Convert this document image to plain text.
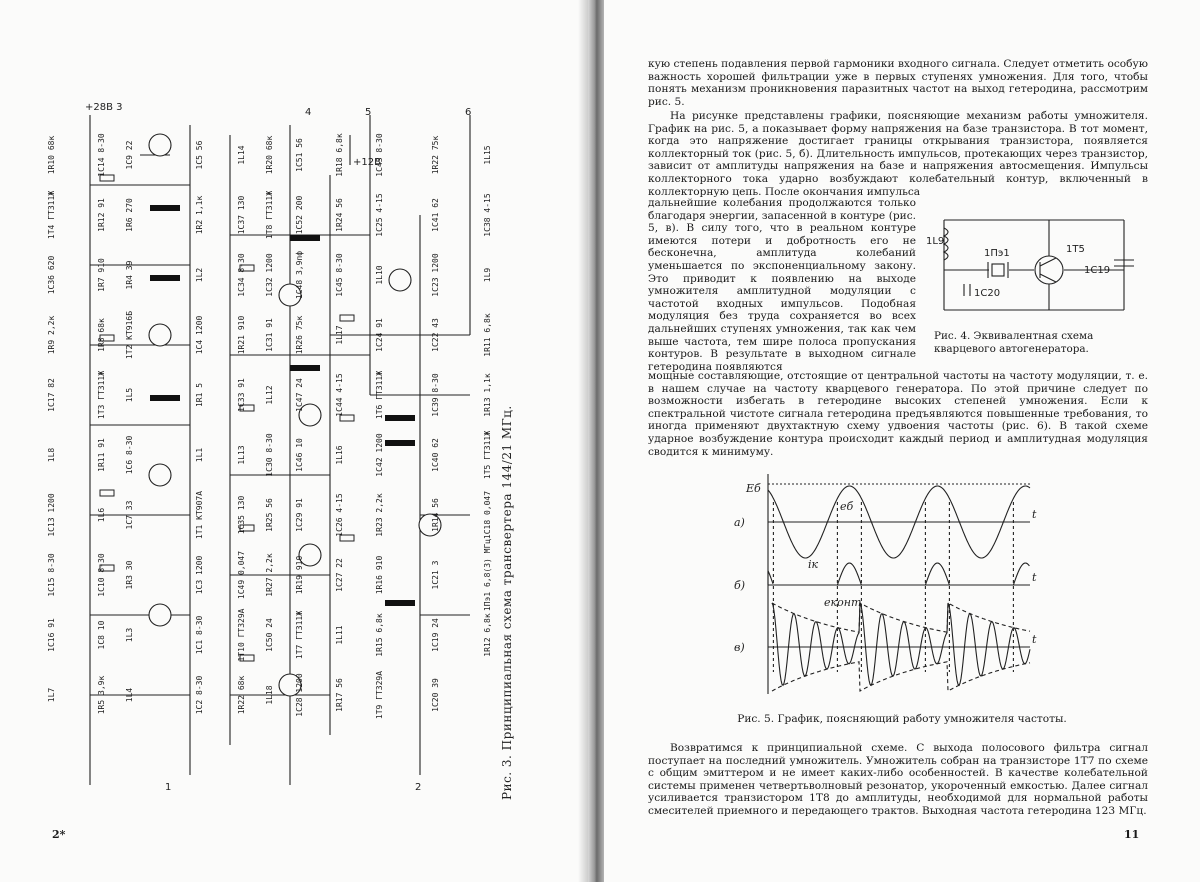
+28В 3	4	5	6
+12В
1	2
1R10 68к
1T4 ГТ311Ж
1C36 620
1R9 2,2к
1C17 82
1L8
1C13 1200
1C15 8-30
1C16 91
1L7
1C14 8-30
1R12 91
1R7 910
1R8 68к
1T3 ГТ311Ж
1R11 91
1L6
1C10 8-30
1C8 10
1R5 3,9к
1C9 22
1R6 270
1R4 39
1T2 КТ916Б
1L5
1C6 8-30
1C7 33
1R3 30
1L3
1L4
1C5 56
1R2 1,1к
1L2
1C4 1200
1R1 5
1L1
1T1 КТ907А
1C3 1200
1C1 8-30
1C2 8-30
1L14
1C37 130
1C34 8-30
1R21 910
1C33 91
1L13
1C35 130
1C49 0,047
1T10 ГТ329А
1R22 68к
1R20 68к
1T8 ГТ311Ж
1C32 1200
1C31 91
1L12
1C30 8-30
1R25 56
1R27 2,2к
1C50 24
1L18
1C51 56
1C52 200
1C48 3,9пф
1R26 75к
1C47 24
1C46 10
1C29 91
1R19 910
1T7 ГТ311Ж
1C28 1200
1R18 6,8к
1R24 56
1C45 8-30
1L17
1C44 4-15
1L16
1C26 4-15
1C27 22
1L11
1R17 56
1C43 8-30
1C25 4-15
1L10
1C24 91
1T6 ГТ311Ж
1C42 1200
1R23 2,2к
1R16 910
1R15 6,8к
1T9 ГТ329А
1R22 75к
1C41 62
1C23 1200
1C22 43
1C39 8-30
1C40 62
1R14 56
1C21 3
1C19 24
1C20 39
1L15
1C38 4-15
1L9
1R11 6,8к
1R13 1,1к
1T5 ГТ311Ж
1C18 0,047
1Пэ1 6,8(3) МГц
1R12 6,8к Рис. 3. Принципиальная схема трансвертера 144/21 МГц.
2*

кую степень подавления первой гармоники входного сигнала. Следует отметить особую важность хорошей фильтрации уже в первых ступенях умножения. Для того, чтобы понять механизм проникновения паразитных частот на выход гетеродина, рассмотрим рис. 5.

На рисунке представлены графики, поясняющие механизм работы умножителя. График на рис. 5, а показывает форму напряжения на базе транзистора. В тот момент, когда это напряжение достигает границы открывания транзистора, появляется коллекторный ток (рис. 5, б). Длительность импульсов, протекающих через транзистор, зависит от амплитуды напряжения на базе и напряжения автосмещения. Импульсы коллекторного тока ударно возбуждают колебательный контур, включенный в коллекторную цепь. После окончания импульса

дальнейшие колебания продолжаются только благодаря энергии, запасенной в контуре (рис. 5, в). В силу того, что в реальном контуре имеются потери и добротность его не бесконечна, амплитуда колебаний уменьшается по экспоненциальному закону. Это приводит к появлению на выходе умножителя амплитудной модуляции с частотой входных импульсов. Подобная модуляция без труда сохраняется во всех дальнейших ступенях умножения, так как чем выше частота, тем шире полоса пропускания контуров. В результате в выходном сигнале гетеродина появляются

1L9
1Пэ1	1T5
1C19
1C20
Рис. 4. Эквивалентная схема кварцевого автогенератора.

мощные составляющие, отстоящие от центральной частоты на частоту модуляции, т. е. в нашем случае на частоту кварцевого генератора. По этой причине следует по возможности избегать в гетеродине высоких степеней умножения. Если к спектральной чистоте сигнала гетеродина предъявляются повышенные требования, то иногда применяют двухтактную схему удвоения частоты (рис. 6). В такой схеме ударное возбуждение контура происходит каждый период и амплитудная модуляция сводится к минимуму.

Eб
а)
б)
в)
t
t
t
eб
iк
eконт
Рис. 5. График, поясняющий работу умножителя частоты.

Возвратимся к принципиальной схеме. С выхода полосового фильтра сигнал поступает на последний умножитель. Умножитель собран на транзисторе 1Т7 по схеме с общим эмиттером и не имеет каких-либо особенностей. В качестве колебательной системы применен четвертьволновый резонатор, укороченный емкостью. Далее сигнал усиливается транзистором 1Т8 до амплитуды, необходимой для нормальной работы смесителей приемного и передающего трактов. Выходная частота гетеродина 123 МГц.

11
